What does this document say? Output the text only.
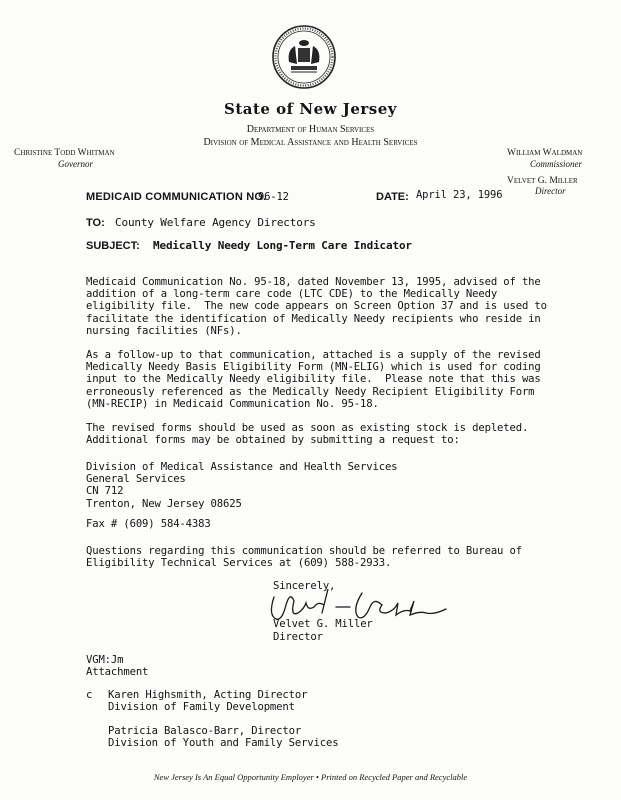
State of New Jersey
Department of Human Services
Division of Medical Assistance and Health Services
Christine Todd Whitman
Governor
William Waldman
Commissioner
Velvet G. Miller
Director
MEDICAID COMMUNICATION NO.
96-12	DATE: April 23, 1996
TO: County Welfare Agency Directors
SUBJECT: Medically Needy Long-Term Care Indicator

Medicaid Communication No. 95-18, dated November 13, 1995, advised of the
addition of a long-term care code (LTC CDE) to the Medically Needy
eligibility file.  The new code appears on Screen Option 37 and is used to
facilitate the identification of Medically Needy recipients who reside in
nursing facilities (NFs).

As a follow-up to that communication, attached is a supply of the revised
Medically Needy Basis Eligibility Form (MN-ELIG) which is used for coding
input to the Medically Needy eligibility file.  Please note that this was
erroneously referenced as the Medically Needy Recipient Eligibility Form
(MN-RECIP) in Medicaid Communication No. 95-18.

The revised forms should be used as soon as existing stock is depleted.
Additional forms may be obtained by submitting a request to:

Division of Medical Assistance and Health Services
General Services
CN 712
Trenton, New Jersey 08625

Fax # (609) 584-4383

Questions regarding this communication should be referred to Bureau of
Eligibility Technical Services at (609) 588-2933.

Sincerely,

Velvet G. Miller

Director

VGM:Jm

Attachment

c Karen Highsmith, Acting Director

Division of Family Development

Patricia Balasco-Barr, Director

Division of Youth and Family Services

New Jersey Is An Equal Opportunity Employer • Printed on Recycled Paper and Recyclable
